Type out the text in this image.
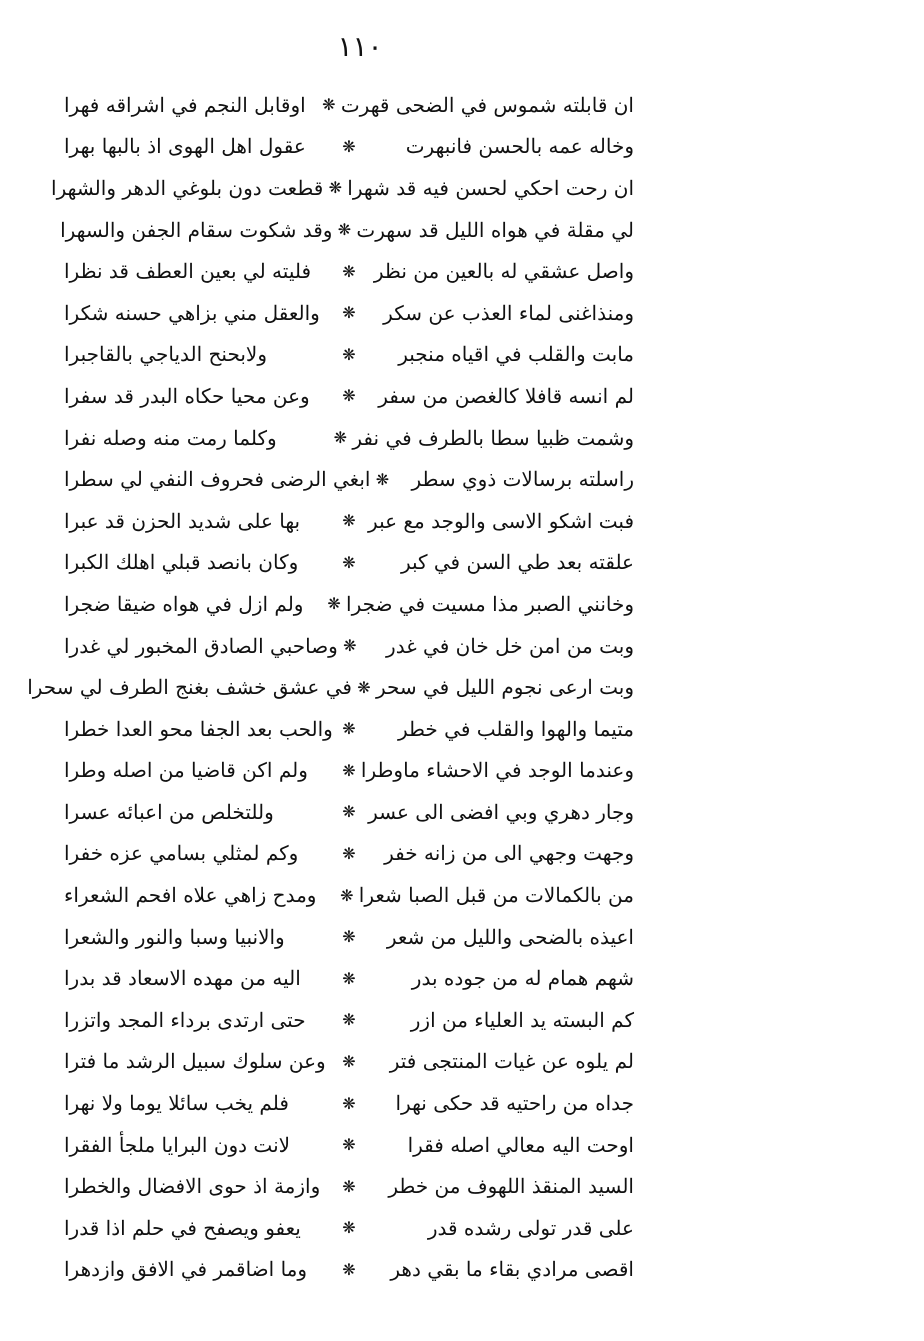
١١٠
ان قابلته شموس في الضحى قهرت
❋
اوقابل النجم في اشراقه فهرا
وخاله عمه بالحسن فانبهرت
❋
عقول اهل الهوى اذ بالبها بهرا
ان رحت احكي لحسن فيه قد شهرا
❋
قطعت دون بلوغي الدهر والشهرا
لي مقلة في هواه الليل قد سهرت
❋
وقد شكوت سقام الجفن والسهرا
واصل عشقي له بالعين من نظر
❋
فليته لي بعين العطف قد نظرا
ومنذاغنى لماء العذب عن سكر
❋
والعقل مني بزاهي حسنه شكرا
مابت والقلب في اقياه منجبر
❋
ولابحنح الدياجي بالقاجبرا
لم انسه قافلا كالغصن من سفر
❋
وعن محيا حكاه البدر قد سفرا
وشمت ظبيا سطا بالطرف في نفر
❋
وكلما رمت منه وصله نفرا
راسلته برسالات ذوي سطر
❋
ابغي الرضى فحروف النفي لي سطرا
فبت اشكو الاسى والوجد مع عبر
❋
بها على شديد الحزن قد عبرا
علقته بعد طي السن في كبر
❋
وكان بانصد قبلي اهلك الكبرا
وخانني الصبر مذا مسيت في ضجرا
❋
ولم ازل في هواه ضيقا ضجرا
وبت من امن خل خان في غدر
❋
وصاحبي الصادق المخبور لي غدرا
وبت ارعى نجوم الليل في سحر
❋
في عشق خشف بغنج الطرف لي سحرا
متيما والهوا والقلب في خطر
❋
والحب بعد الجفا محو العدا خطرا
وعندما الوجد في الاحشاء ماوطرا
❋
ولم اكن قاضيا من اصله وطرا
وجار دهري وبي افضى الى عسر
❋
وللتخلص من اعبائه عسرا
وجهت وجهي الى من زانه خفر
❋
وكم لمثلي بسامي عزه خفرا
من بالكمالات من قبل الصبا شعرا
❋
ومدح زاهي علاه افحم الشعراء
اعيذه بالضحى والليل من شعر
❋
والانبيا وسبا والنور والشعرا
شهم همام له من جوده بدر
❋
اليه من مهده الاسعاد قد بدرا
كم البسته يد العلياء من ازر
❋
حتى ارتدى برداء المجد واتزرا
لم يلوه عن غيات المنتجى فتر
❋
وعن سلوك سبيل الرشد ما فترا
جداه من راحتيه قد حكى نهرا
❋
فلم يخب سائلا يوما ولا نهرا
اوحت اليه معالي اصله فقرا
❋
لانت دون البرايا ملجأ الفقرا
السيد المنقذ اللهوف من خطر
❋
وازمة اذ حوى الافضال والخطرا
على قدر تولى رشده قدر
❋
يعفو ويصفح في حلم اذا قدرا
اقصى مرادي بقاء ما بقي دهر
❋
وما اضاقمر في الافق وازدهرا
